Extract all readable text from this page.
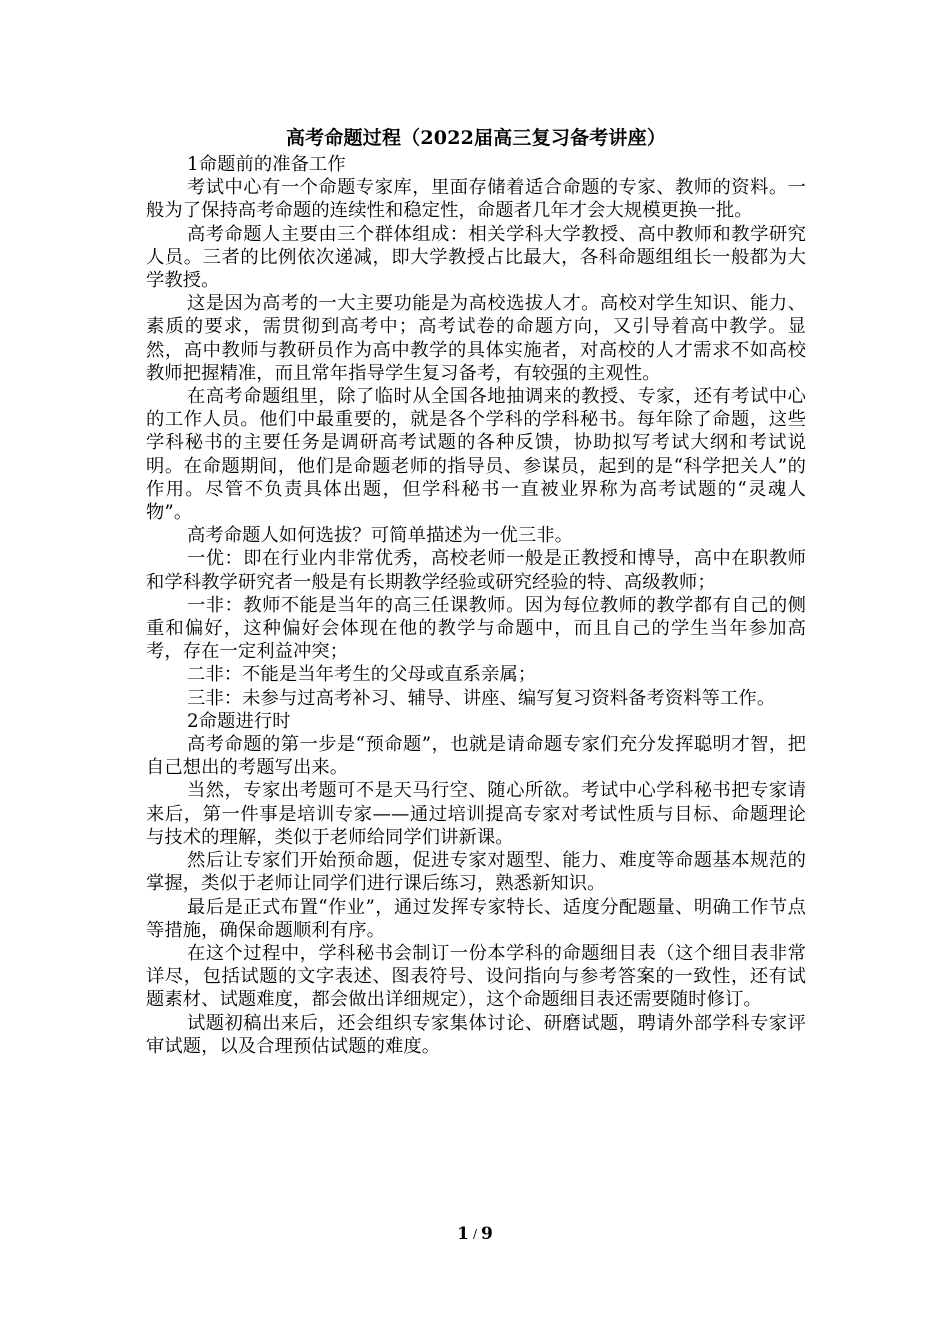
高考命题过程（2022届高三复习备考讲座）

1命题前的准备工作

考试中心有一个命题专家库，里面存储着适合命题的专家、教师的资料。一般为了保持高考命题的连续性和稳定性，命题者几年才会大规模更换一批。

高考命题人主要由三个群体组成：相关学科大学教授、高中教师和教学研究人员。三者的比例依次递减，即大学教授占比最大，各科命题组组长一般都为大学教授。

这是因为高考的一大主要功能是为高校选拔人才。高校对学生知识、能力、素质的要求，需贯彻到高考中；高考试卷的命题方向，又引导着高中教学。显然，高中教师与教研员作为高中教学的具体实施者，对高校的人才需求不如高校教师把握精准，而且常年指导学生复习备考，有较强的主观性。

在高考命题组里，除了临时从全国各地抽调来的教授、专家，还有考试中心的工作人员。他们中最重要的，就是各个学科的学科秘书。每年除了命题，这些学科秘书的主要任务是调研高考试题的各种反馈，协助拟写考试大纲和考试说明。在命题期间，他们是命题老师的指导员、参谋员，起到的是“科学把关人”的作用。尽管不负责具体出题，但学科秘书一直被业界称为高考试题的“灵魂人物”。

高考命题人如何选拔？可简单描述为一优三非。

一优：即在行业内非常优秀，高校老师一般是正教授和博导，高中在职教师和学科教学研究者一般是有长期教学经验或研究经验的特、高级教师；

一非：教师不能是当年的高三任课教师。因为每位教师的教学都有自己的侧重和偏好，这种偏好会体现在他的教学与命题中，而且自己的学生当年参加高考，存在一定利益冲突；

二非：不能是当年考生的父母或直系亲属；

三非：未参与过高考补习、辅导、讲座、编写复习资料备考资料等工作。

2命题进行时

高考命题的第一步是“预命题”，也就是请命题专家们充分发挥聪明才智，把自己想出的考题写出来。

当然，专家出考题可不是天马行空、随心所欲。考试中心学科秘书把专家请来后，第一件事是培训专家——通过培训提高专家对考试性质与目标、命题理论与技术的理解，类似于老师给同学们讲新课。

然后让专家们开始预命题，促进专家对题型、能力、难度等命题基本规范的掌握，类似于老师让同学们进行课后练习，熟悉新知识。

最后是正式布置“作业”，通过发挥专家特长、适度分配题量、明确工作节点等措施，确保命题顺利有序。

在这个过程中，学科秘书会制订一份本学科的命题细目表（这个细目表非常详尽，包括试题的文字表述、图表符号、设问指向与参考答案的一致性，还有试题素材、试题难度，都会做出详细规定），这个命题细目表还需要随时修订。

试题初稿出来后，还会组织专家集体讨论、研磨试题，聘请外部学科专家评审试题，以及合理预估试题的难度。

1 / 9
